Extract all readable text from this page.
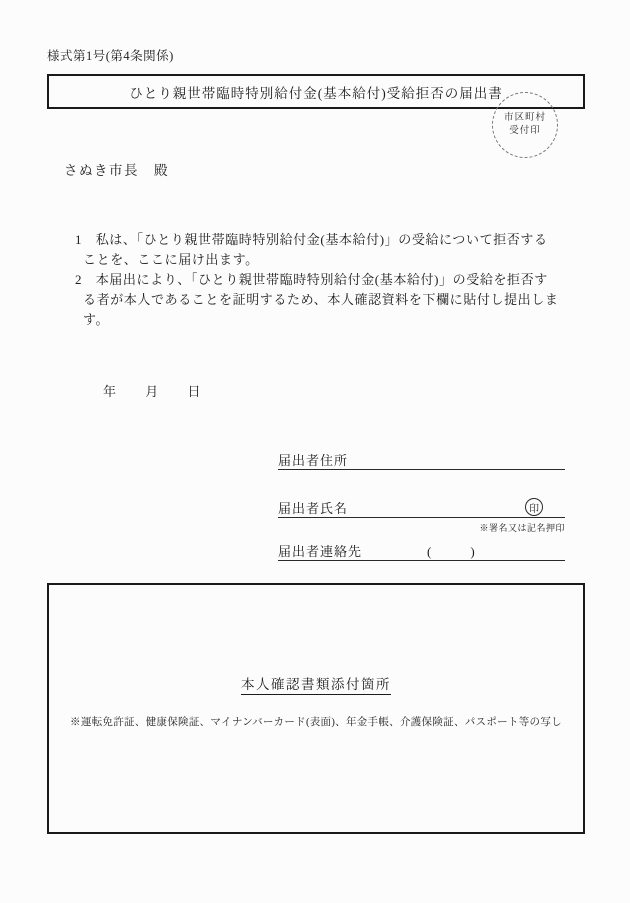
様式第1号(第4条関係)
ひとり親世帯臨時特別給付金(基本給付)受給拒否の届出書
市区町村
受付印
さぬき市長　殿
1　私は、「ひとり親世帯臨時特別給付金(基本給付)」の受給について拒否する
ことを、ここに届け出ます。
2　本届出により、「ひとり親世帯臨時特別給付金(基本給付)」の受給を拒否す
る者が本人であることを証明するため、本人確認資料を下欄に貼付し提出しま
す。
年 月 日
届出者住所
届出者氏名	印
※署名又は記名押印
届出者連絡先	(　　　)
本人確認書類添付箇所
※運転免許証、健康保険証、マイナンバーカード(表面)、年金手帳、介護保険証、パスポート等の写し
